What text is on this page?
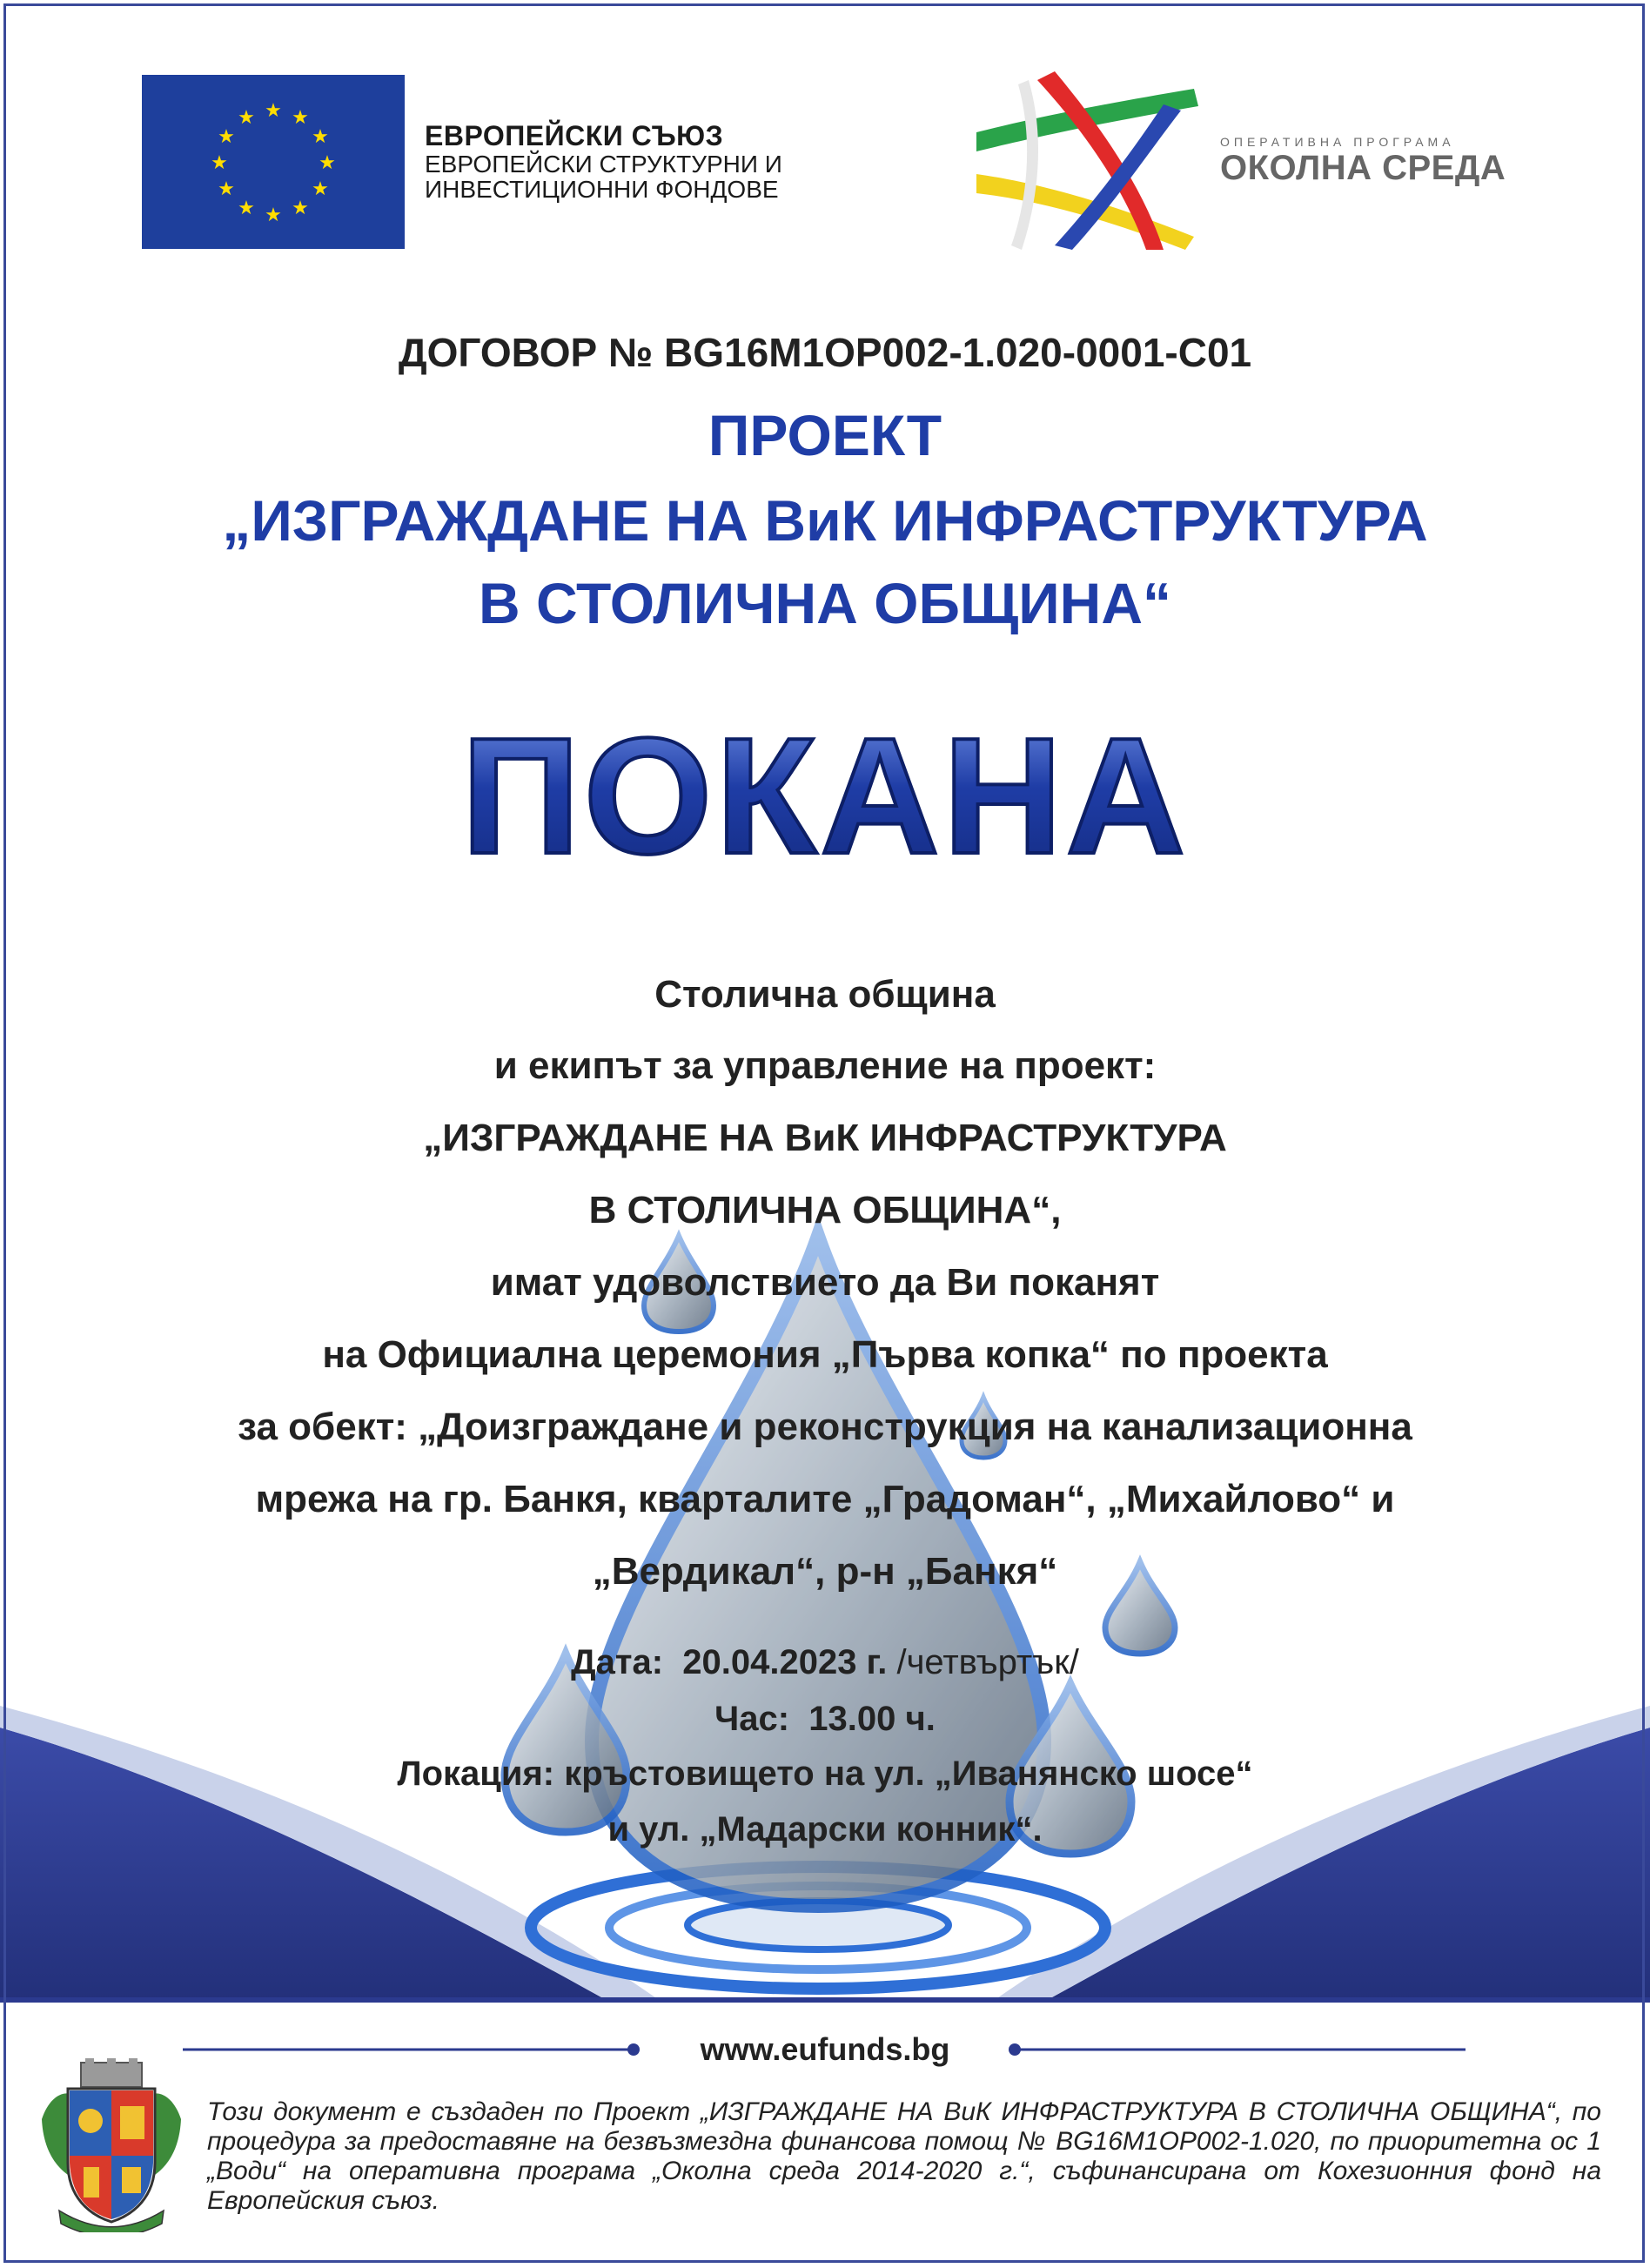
★ ★
★
★
★
★
★
★
★
★
★
★
ЕВРОПЕЙСКИ СЪЮЗ
ЕВРОПЕЙСКИ СТРУКТУРНИ И
ИНВЕСТИЦИОННИ ФОНДОВЕ
ОПЕРАТИВНА ПРОГРАМА
ОКОЛНА СРЕДА
ДОГОВОР № BG16M1OP002-1.020-0001-C01
ПРОЕКТ
„ИЗГРАЖДАНЕ НА ВиК ИНФРАСТРУКТУРА
В СТОЛИЧНА ОБЩИНА“
ПОКАНА
Столична община
и екипът за управление на проект:
„ИЗГРАЖДАНЕ НА ВиК ИНФРАСТРУКТУРА
В СТОЛИЧНА ОБЩИНА“,
имат удоволствието да Ви поканят
на Официална церемония „Първа копка“ по проекта
за обект: „Доизграждане и реконструкция на канализационна
мрежа на гр. Банкя, кварталите „Градоман“, „Михайлово“ и
„Вердикал“, р-н „Банкя“
Дата: 20.04.2023 г. /четвъртък/
Час: 13.00 ч.
Локация: кръстовището на ул. „Иванянско шосе“
и ул. „Мадарски конник“.
www.eufunds.bg
Този документ е създаден по Проект „ИЗГРАЖДАНЕ НА ВиК ИНФРАСТРУКТУРА В СТОЛИЧНА ОБЩИНА“, по процедура за предоставяне на безвъзмездна финансова помощ № BG16M1OP002-1.020, по приоритетна ос 1 „Води“ на оперативна програма „Околна среда 2014-2020 г.“, съфинансирана от Кохезионния фонд на Европейския съюз.
